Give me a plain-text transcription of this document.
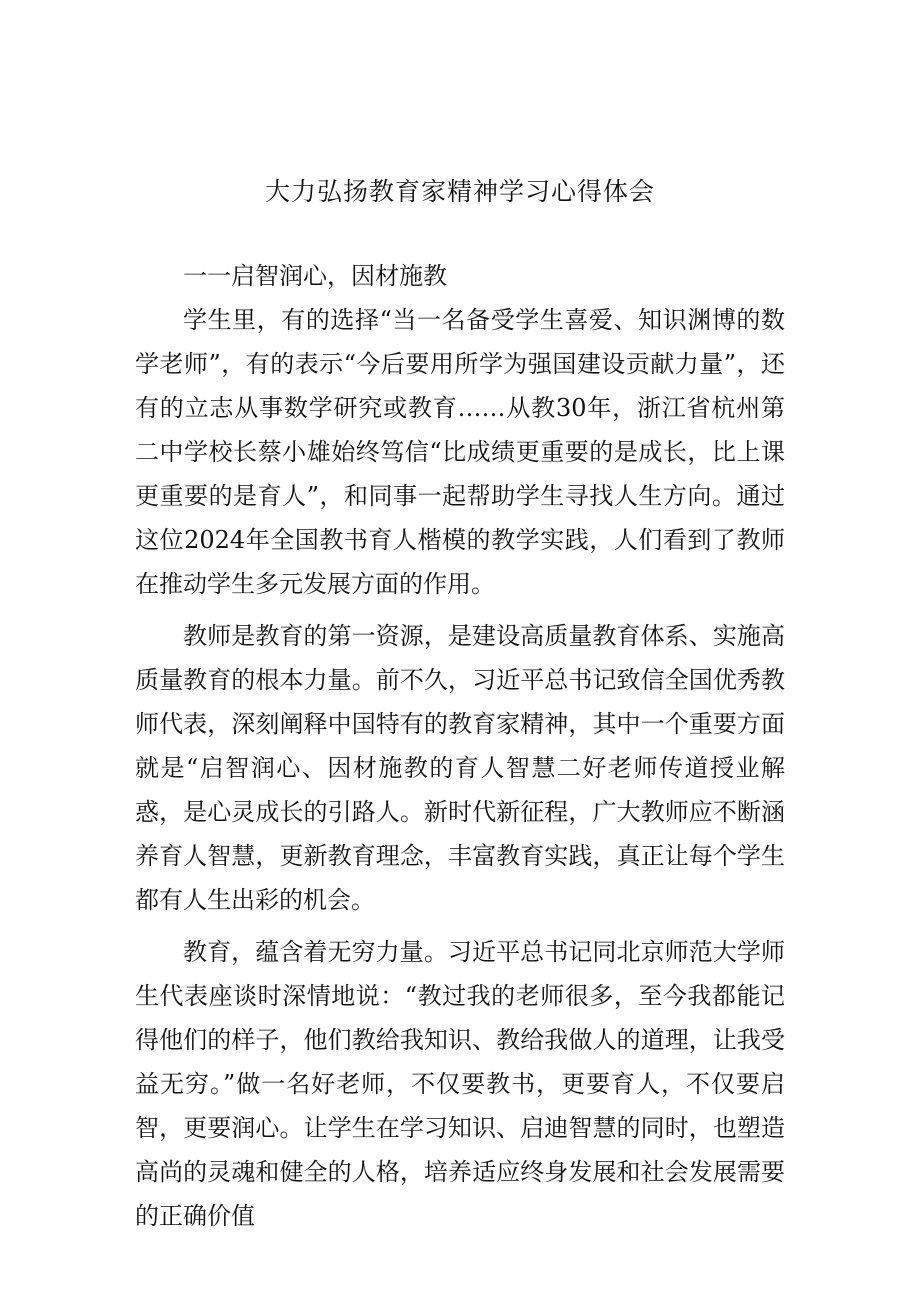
大力弘扬教育家精神学习心得体会

一一启智润心，因材施教

学生里，有的选择“当一名备受学生喜爱、知识渊博的数学老师”，有的表示“今后要用所学为强国建设贡献力量”，还有的立志从事数学研究或教育……从教30年，浙江省杭州第二中学校长蔡小雄始终笃信“比成绩更重要的是成长，比上课更重要的是育人”，和同事一起帮助学生寻找人生方向。通过这位2024年全国教书育人楷模的教学实践，人们看到了教师在推动学生多元发展方面的作用。

教师是教育的第一资源，是建设高质量教育体系、实施高质量教育的根本力量。前不久，习近平总书记致信全国优秀教师代表，深刻阐释中国特有的教育家精神，其中一个重要方面就是“启智润心、因材施教的育人智慧二好老师传道授业解惑，是心灵成长的引路人。新时代新征程，广大教师应不断涵养育人智慧，更新教育理念，丰富教育实践，真正让每个学生都有人生出彩的机会。

教育，蕴含着无穷力量。习近平总书记同北京师范大学师生代表座谈时深情地说：“教过我的老师很多，至今我都能记得他们的样子，他们教给我知识、教给我做人的道理，让我受益无穷。”做一名好老师，不仅要教书，更要育人，不仅要启智，更要润心。让学生在学习知识、启迪智慧的同时，也塑造高尚的灵魂和健全的人格，培养适应终身发展和社会发展需要的正确价值
